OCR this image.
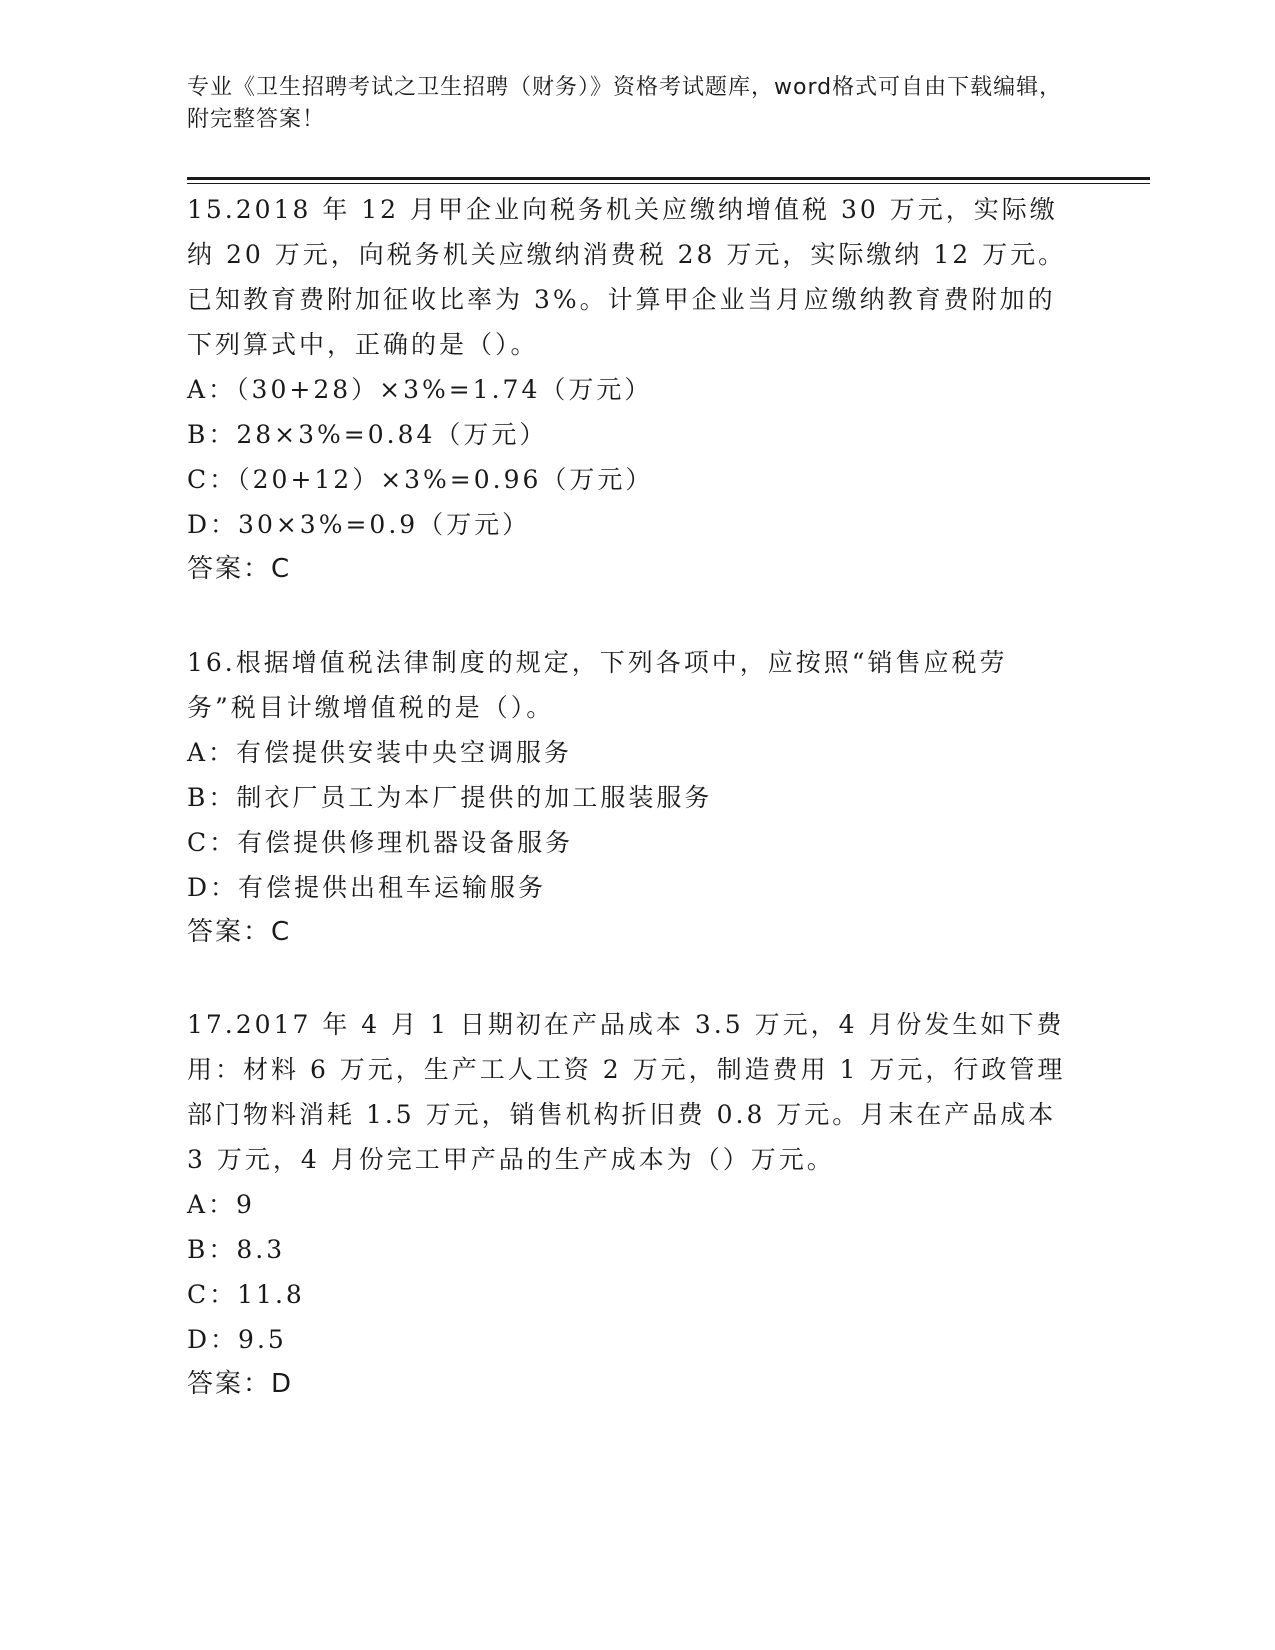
专业《卫生招聘考试之卫生招聘（财务）》资格考试题库，word格式可自由下载编辑，附完整答案！

15.2018 年 12 月甲企业向税务机关应缴纳增值税 30 万元，实际缴纳 20 万元，向税务机关应缴纳消费税 28 万元，实际缴纳 12 万元。已知教育费附加征收比率为 3%。计算甲企业当月应缴纳教育费附加的下列算式中，正确的是（）。

A：（30+28）×3%=1.74（万元）

B：28×3%=0.84（万元）

C：（20+12）×3%=0.96（万元）

D：30×3%=0.9（万元）

答案：C

16.根据增值税法律制度的规定，下列各项中，应按照“销售应税劳务”税目计缴增值税的是（）。

A：有偿提供安装中央空调服务

B：制衣厂员工为本厂提供的加工服装服务

C：有偿提供修理机器设备服务

D：有偿提供出租车运输服务

答案：C

17.2017 年 4 月 1 日期初在产品成本 3.5 万元，4 月份发生如下费用：材料 6 万元，生产工人工资 2 万元，制造费用 1 万元，行政管理部门物料消耗 1.5 万元，销售机构折旧费 0.8 万元。月末在产品成本 3 万元，4 月份完工甲产品的生产成本为（）万元。

A：9

B：8.3

C：11.8

D：9.5

答案：D
